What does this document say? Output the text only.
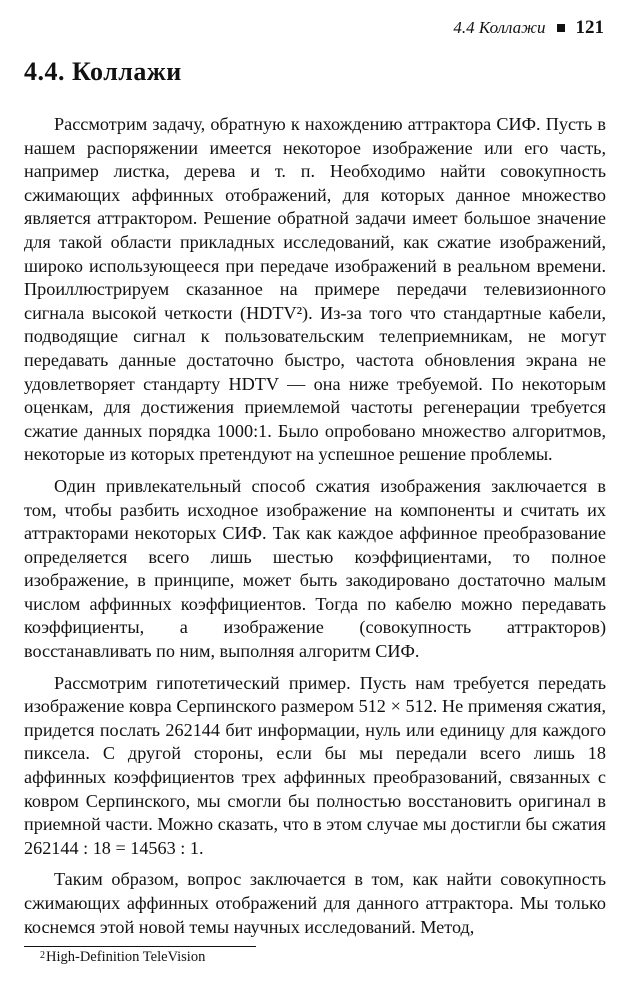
4.4 Коллажи 121
4.4. Коллажи

Рассмотрим задачу, обратную к нахождению аттрактора СИФ. Пусть в нашем распоряжении имеется некоторое изображение или его часть, например листка, дерева и т. п. Необходимо найти совокупность сжимающих аффинных отображений, для которых данное множество является аттрактором. Решение обратной задачи имеет большое значение для такой области прикладных исследований, как сжатие изображений, широко использующееся при передаче изображений в реальном времени. Проиллюстрируем сказанное на примере передачи телевизионного сигнала высокой четкости (HDTV²). Из-за того что стандартные кабели, подводящие сигнал к пользовательским телеприемникам, не могут передавать данные достаточно быстро, частота обновления экрана не удовлетворяет стандарту HDTV — она ниже требуемой. По некоторым оценкам, для достижения приемлемой частоты регенерации требуется сжатие данных порядка 1000:1. Было опробовано множество алгоритмов, некоторые из которых претендуют на успешное решение проблемы.

Один привлекательный способ сжатия изображения заключается в том, чтобы разбить исходное изображение на компоненты и считать их аттракторами некоторых СИФ. Так как каждое аффинное преобразование определяется всего лишь шестью коэффициентами, то полное изображение, в принципе, может быть закодировано достаточно малым числом аффинных коэффициентов. Тогда по кабелю можно передавать коэффициенты, а изображение (совокупность аттракторов) восстанавливать по ним, выполняя алгоритм СИФ.

Рассмотрим гипотетический пример. Пусть нам требуется передать изображение ковра Серпинского размером 512 × 512. Не применяя сжатия, придется послать 262144 бит информации, нуль или единицу для каждого пиксела. С другой стороны, если бы мы передали всего лишь 18 аффинных коэффициентов трех аффинных преобразований, связанных с ковром Серпинского, мы смогли бы полностью восстановить оригинал в приемной части. Можно сказать, что в этом случае мы достигли бы сжатия 262144 : 18 = 14563 : 1.

Таким образом, вопрос заключается в том, как найти совокупность сжимающих аффинных отображений для данного аттрактора. Мы только коснемся этой новой темы научных исследований. Метод,

$^2$High-Definition TeleVision
